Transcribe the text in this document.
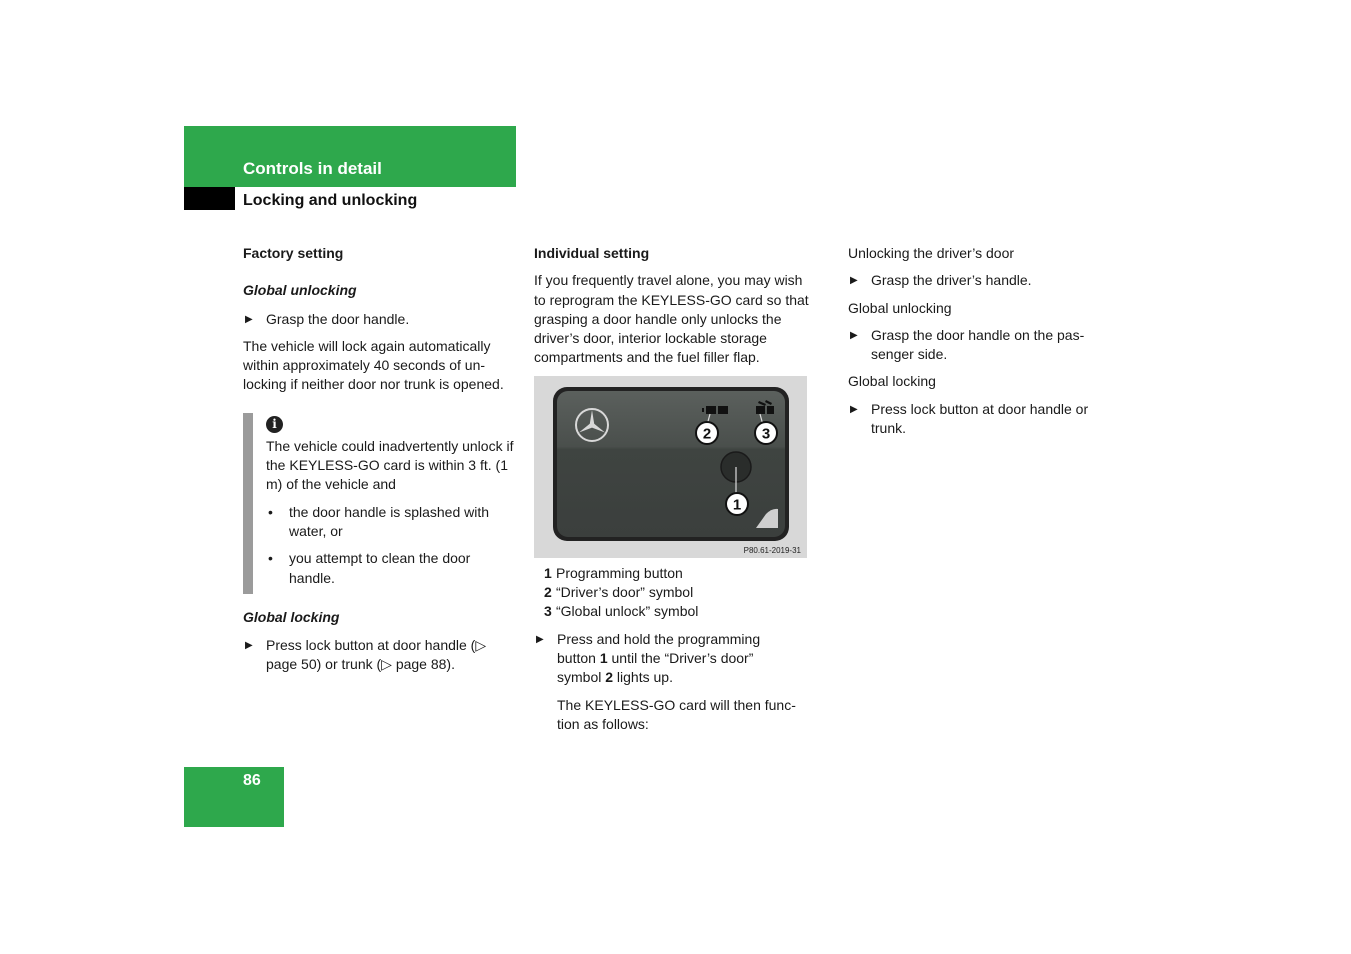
Controls in detail
Locking and unlocking

Factory setting

Global unlocking

▶ Grasp the door handle.

The vehicle will lock again automatically within approximately 40 seconds of un-locking if neither door nor trunk is opened.

i

The vehicle could inadvertently unlock if the KEYLESS-GO card is within 3 ft. (1 m) of the vehicle and

• the door handle is splashed with water, or
• you attempt to clean the door handle.

Global locking

▶ Press lock button at door handle (▷ page 50) or trunk (▷ page 88).

Individual setting

If you frequently travel alone, you may wish to reprogram the KEYLESS-GO card so that grasping a door handle only unlocks the driver’s door, interior lockable storage compartments and the fuel filler flap.

2	3
1
P80.61-2019-31
1 Programming button
2 “Driver’s door” symbol
3 “Global unlock” symbol
▶ Press and hold the programming button 1 until the “Driver’s door” symbol 2 lights up.

The KEYLESS-GO card will then func-tion as follows:

Unlocking the driver’s door

▶ Grasp the driver’s handle.

Global unlocking

▶ Grasp the door handle on the pas-senger side.

Global locking

▶ Press lock button at door handle or trunk.
86
